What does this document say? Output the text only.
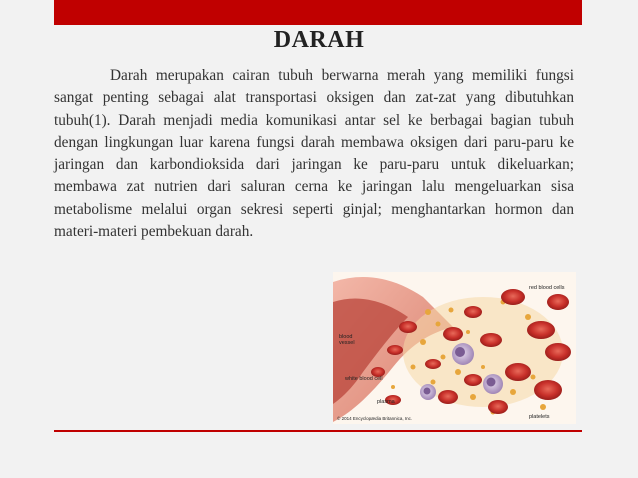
DARAH

Darah merupakan cairan tubuh berwarna merah yang memiliki fungsi sangat penting sebagai alat transportasi oksigen dan zat-zat yang dibutuhkan tubuh(1). Darah menjadi media komunikasi antar sel ke berbagai bagian tubuh dengan lingkungan luar karena fungsi darah membawa oksigen dari paru-paru ke jaringan dan karbondioksida dari jaringan ke paru-paru untuk dikeluarkan; membawa zat nutrien dari saluran cerna ke jaringan lalu mengeluarkan sisa metabolisme melalui organ sekresi seperti ginjal; menghantarkan hormon dan materi-materi pembekuan darah.

red blood cells
blood
vessel
white blood cell
plasma
platelets
© 2014 Encyclopædia Britannica, Inc.
